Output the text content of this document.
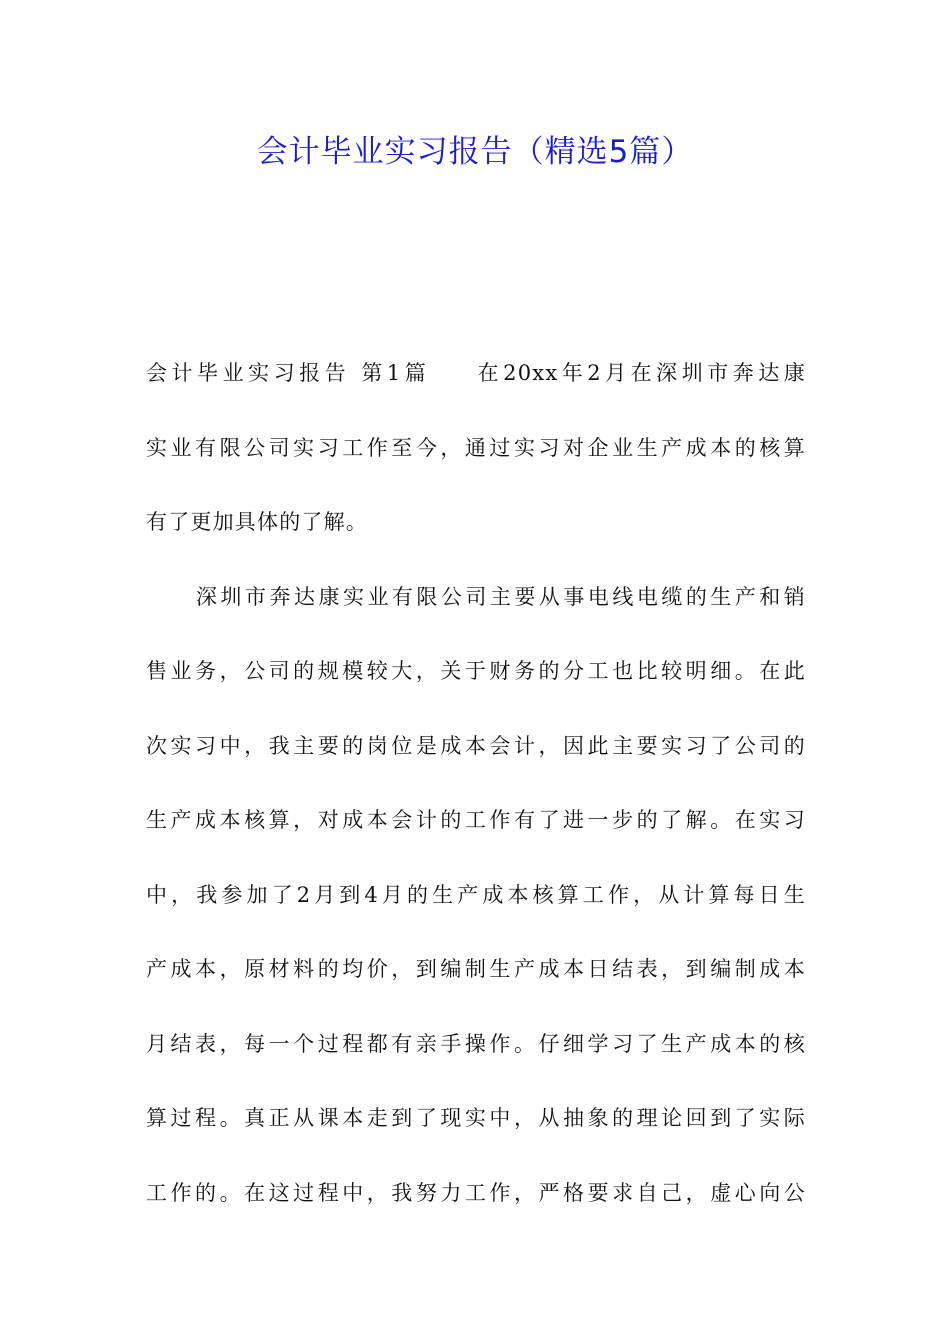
会计毕业实习报告（精选5篇）
会计毕业实习报告 第1篇 在20xx年2月在深圳市奔达康
实业有限公司实习工作至今，通过实习对企业生产成本的核算
有了更加具体的了解。
深圳市奔达康实业有限公司主要从事电线电缆的生产和销
售业务，公司的规模较大，关于财务的分工也比较明细。在此
次实习中，我主要的岗位是成本会计，因此主要实习了公司的
生产成本核算，对成本会计的工作有了进一步的了解。在实习
中，我参加了2月到4月的生产成本核算工作，从计算每日生
产成本，原材料的均价，到编制生产成本日结表，到编制成本
月结表，每一个过程都有亲手操作。仔细学习了生产成本的核
算过程。真正从课本走到了现实中，从抽象的理论回到了实际
工作的。在这过程中，我努力工作，严格要求自己，虚心向公
